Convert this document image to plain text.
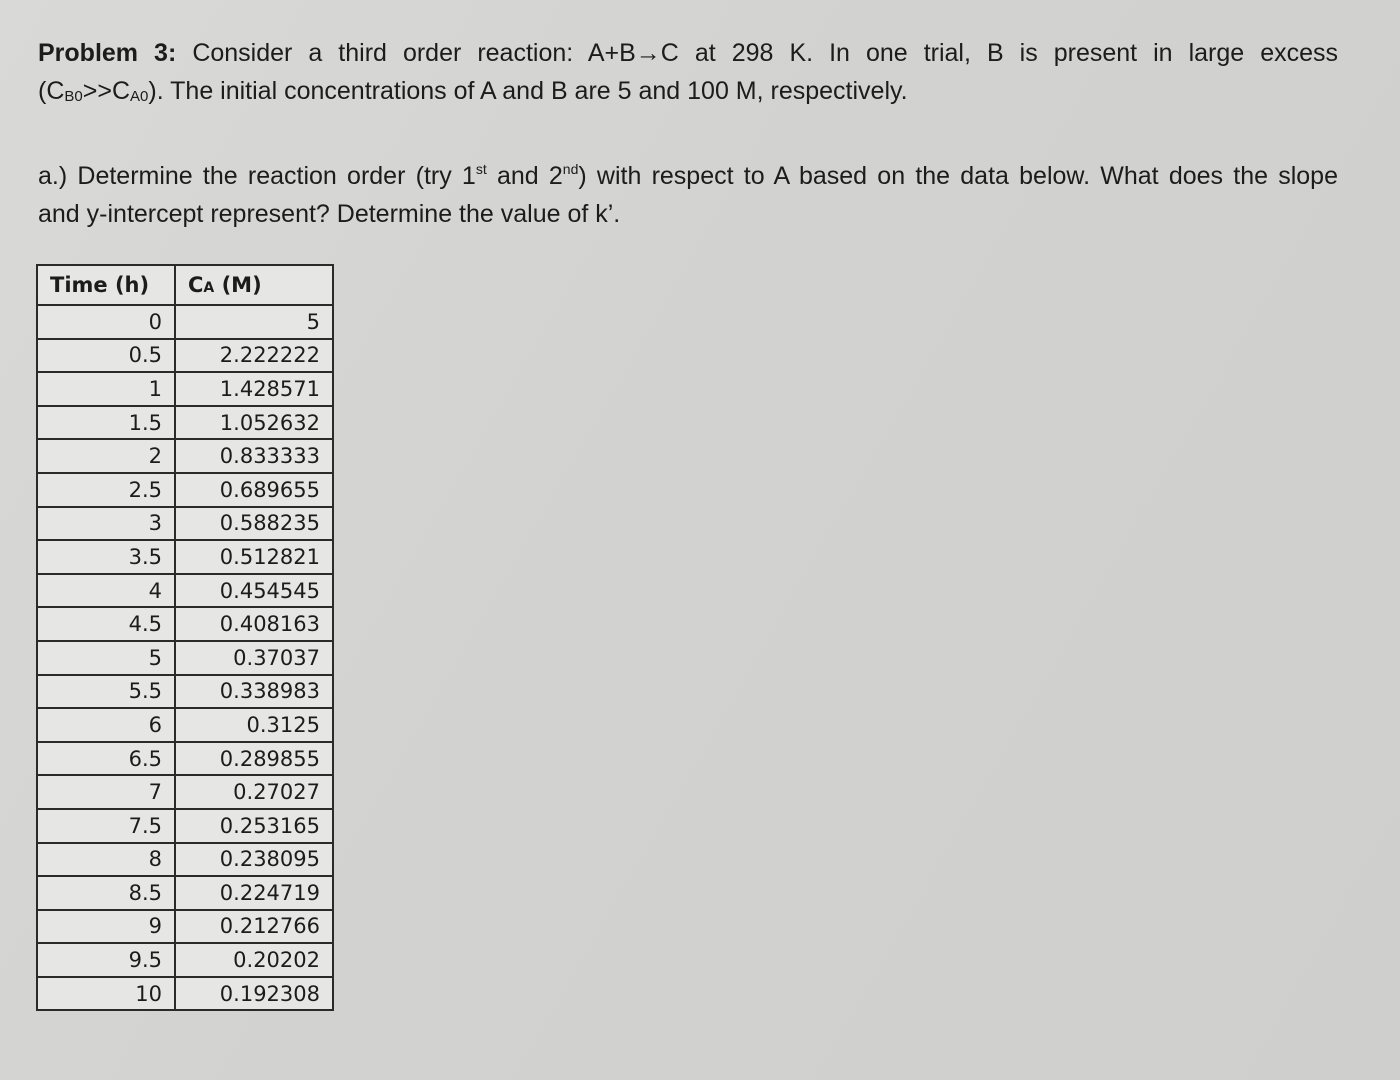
Problem 3: Consider a third order reaction: A+B→C at 298 K. In one trial, B is present in large excess
(CB0>>CA0). The initial concentrations of A and B are 5 and 100 M, respectively.
a.) Determine the reaction order (try 1st and 2nd) with respect to A based on the data below. What does the slope
and y-intercept represent? Determine the value of k’.
Time (h)	CA (M)
0	5
0.5	2.222222
1	1.428571
1.5	1.052632
2	0.833333
2.5	0.689655
3	0.588235
3.5	0.512821
4	0.454545
4.5	0.408163
5	0.37037
5.5	0.338983
6	0.3125
6.5	0.289855
7	0.27027
7.5	0.253165
8	0.238095
8.5	0.224719
9	0.212766
9.5	0.20202
10	0.192308
